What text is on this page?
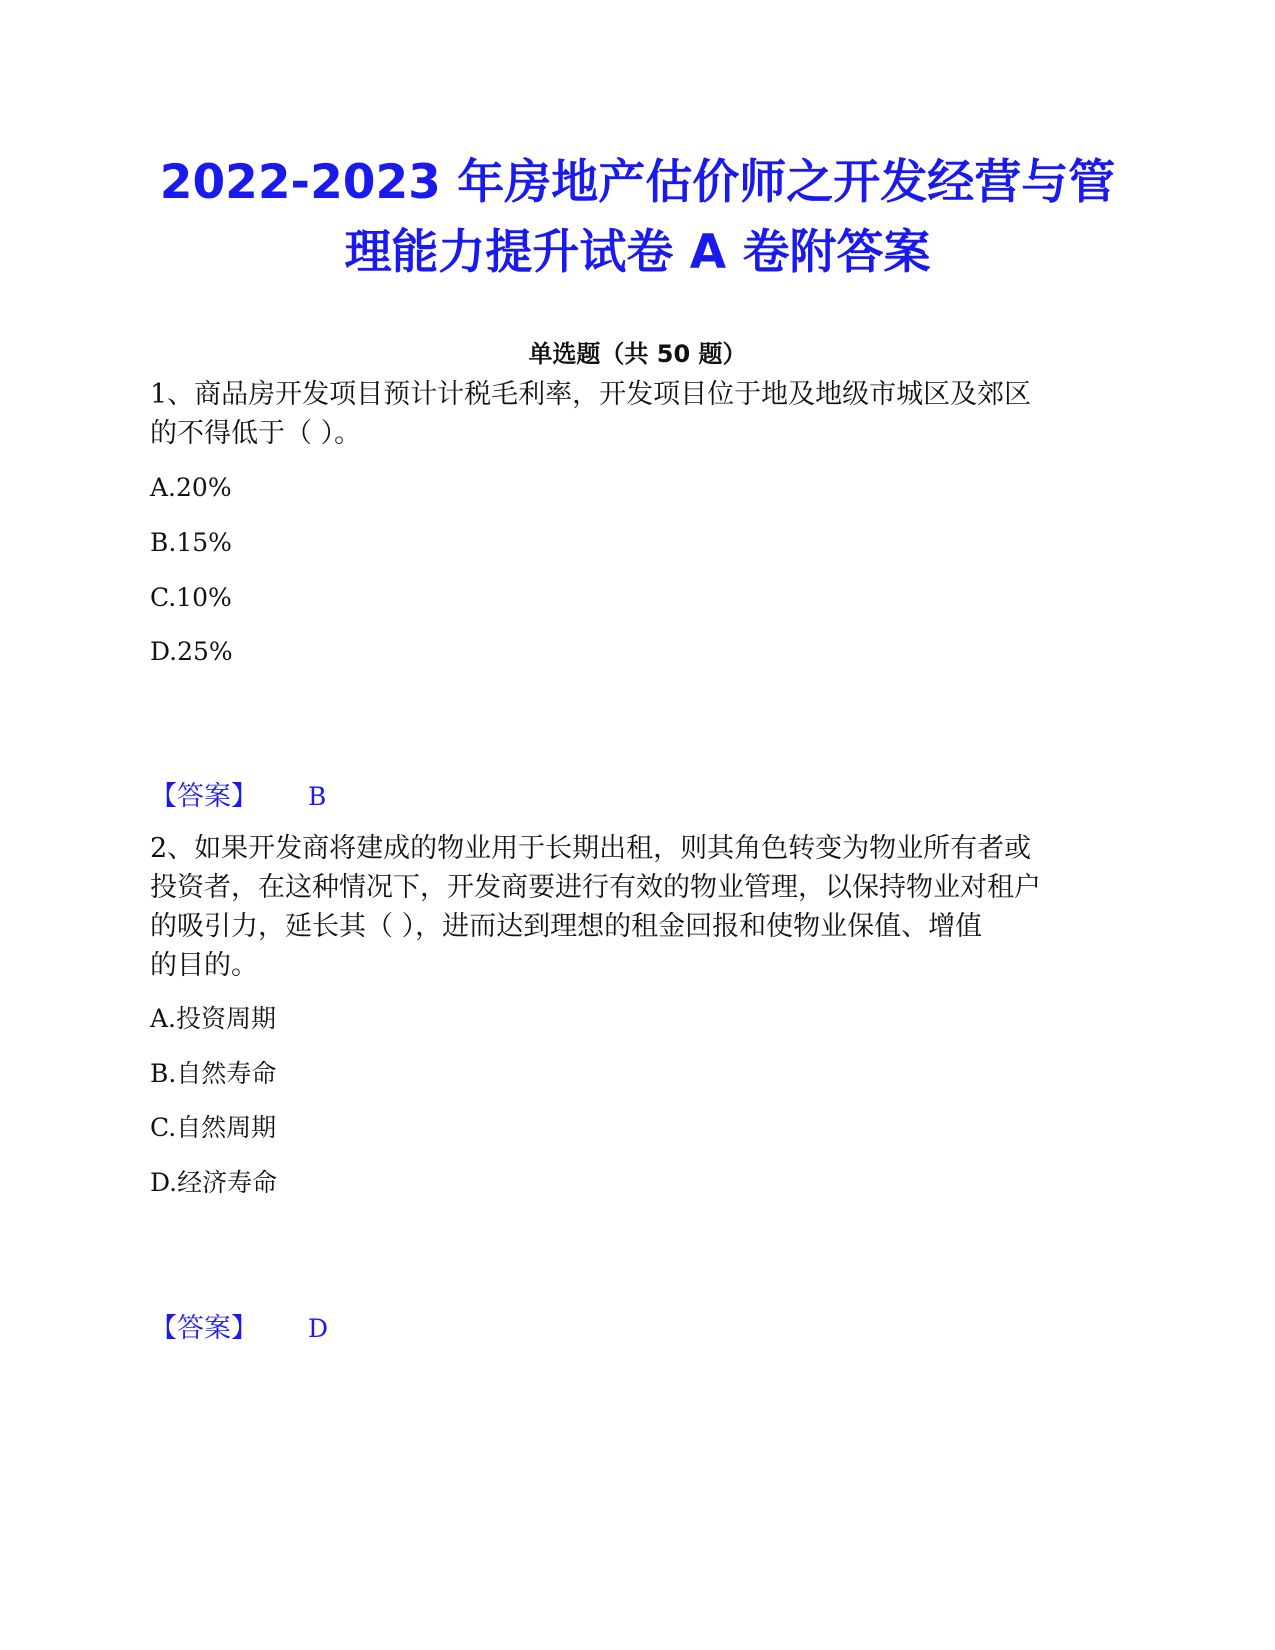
2022-2023 年房地产估价师之开发经营与管
理能力提升试卷 A 卷附答案
单选题（共 50 题）
1、商品房开发项目预计计税毛利率，开发项目位于地及地级市城区及郊区
的不得低于（ ）。
A.20%
B.15%
C.10%
D.25%
【答案】 B
2、如果开发商将建成的物业用于长期出租，则其角色转变为物业所有者或
投资者，在这种情况下，开发商要进行有效的物业管理，以保持物业对租户
的吸引力，延长其（ ），进而达到理想的租金回报和使物业保值、增值
的目的。
A.投资周期
B.自然寿命
C.自然周期
D.经济寿命
【答案】 D
